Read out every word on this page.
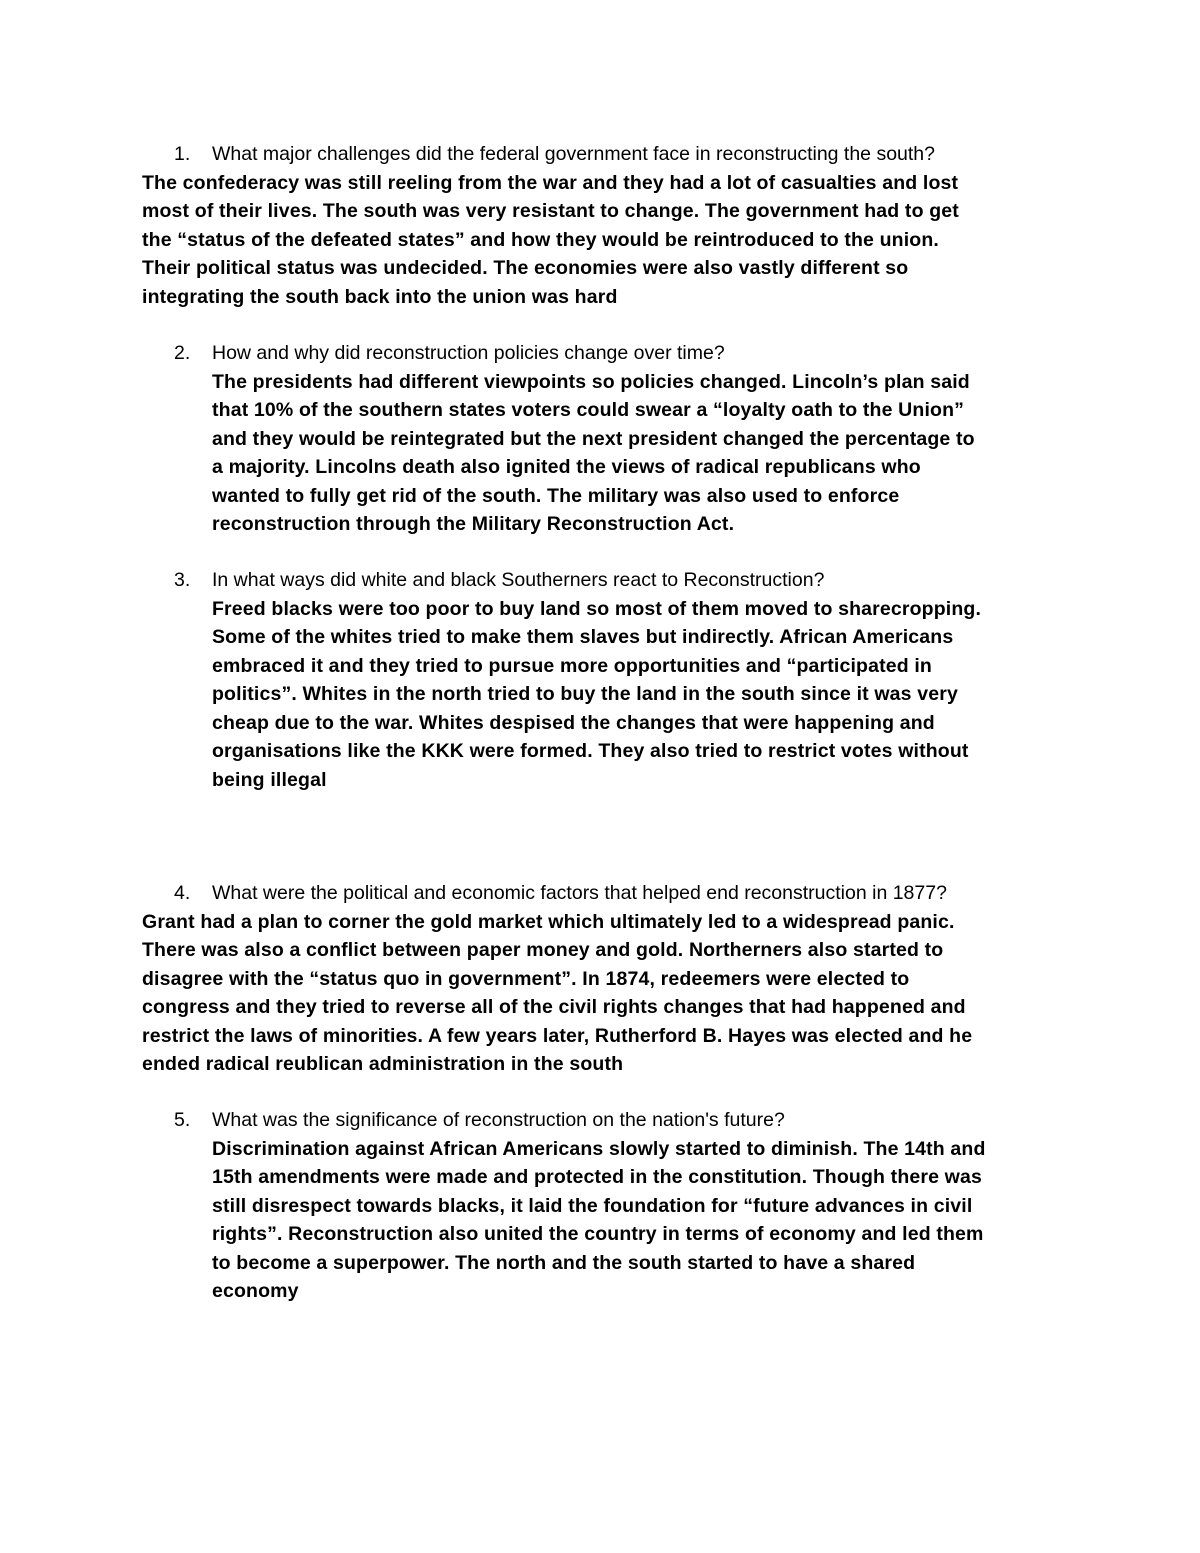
1. What major challenges did the federal government face in reconstructing the south?
The confederacy was still reeling from the war and they had a lot of casualties and lost
most of their lives. The south was very resistant to change. The government had to get
the “status of the defeated states” and how they would be reintroduced to the union.
Their political status was undecided. The economies were also vastly different so
integrating the south back into the union was hard
2. How and why did reconstruction policies change over time?
The presidents had different viewpoints so policies changed. Lincoln’s plan said
that 10% of the southern states voters could swear a “loyalty oath to the Union”
and they would be reintegrated but the next president changed the percentage to
a majority. Lincolns death also ignited the views of radical republicans who
wanted to fully get rid of the south. The military was also used to enforce
reconstruction through the Military Reconstruction Act.
3. In what ways did white and black Southerners react to Reconstruction?
Freed blacks were too poor to buy land so most of them moved to sharecropping.
Some of the whites tried to make them slaves but indirectly. African Americans
embraced it and they tried to pursue more opportunities and “participated in
politics”. Whites in the north tried to buy the land in the south since it was very
cheap due to the war. Whites despised the changes that were happening and
organisations like the KKK were formed. They also tried to restrict votes without
being illegal
4. What were the political and economic factors that helped end reconstruction in 1877?
Grant had a plan to corner the gold market which ultimately led to a widespread panic.
There was also a conflict between paper money and gold. Northerners also started to
disagree with the “status quo in government”. In 1874, redeemers were elected to
congress and they tried to reverse all of the civil rights changes that had happened and
restrict the laws of minorities. A few years later, Rutherford B. Hayes was elected and he
ended radical reublican administration in the south
5. What was the significance of reconstruction on the nation's future?
Discrimination against African Americans slowly started to diminish. The 14th and
15th amendments were made and protected in the constitution. Though there was
still disrespect towards blacks, it laid the foundation for “future advances in civil
rights”. Reconstruction also united the country in terms of economy and led them
to become a superpower. The north and the south started to have a shared
economy
